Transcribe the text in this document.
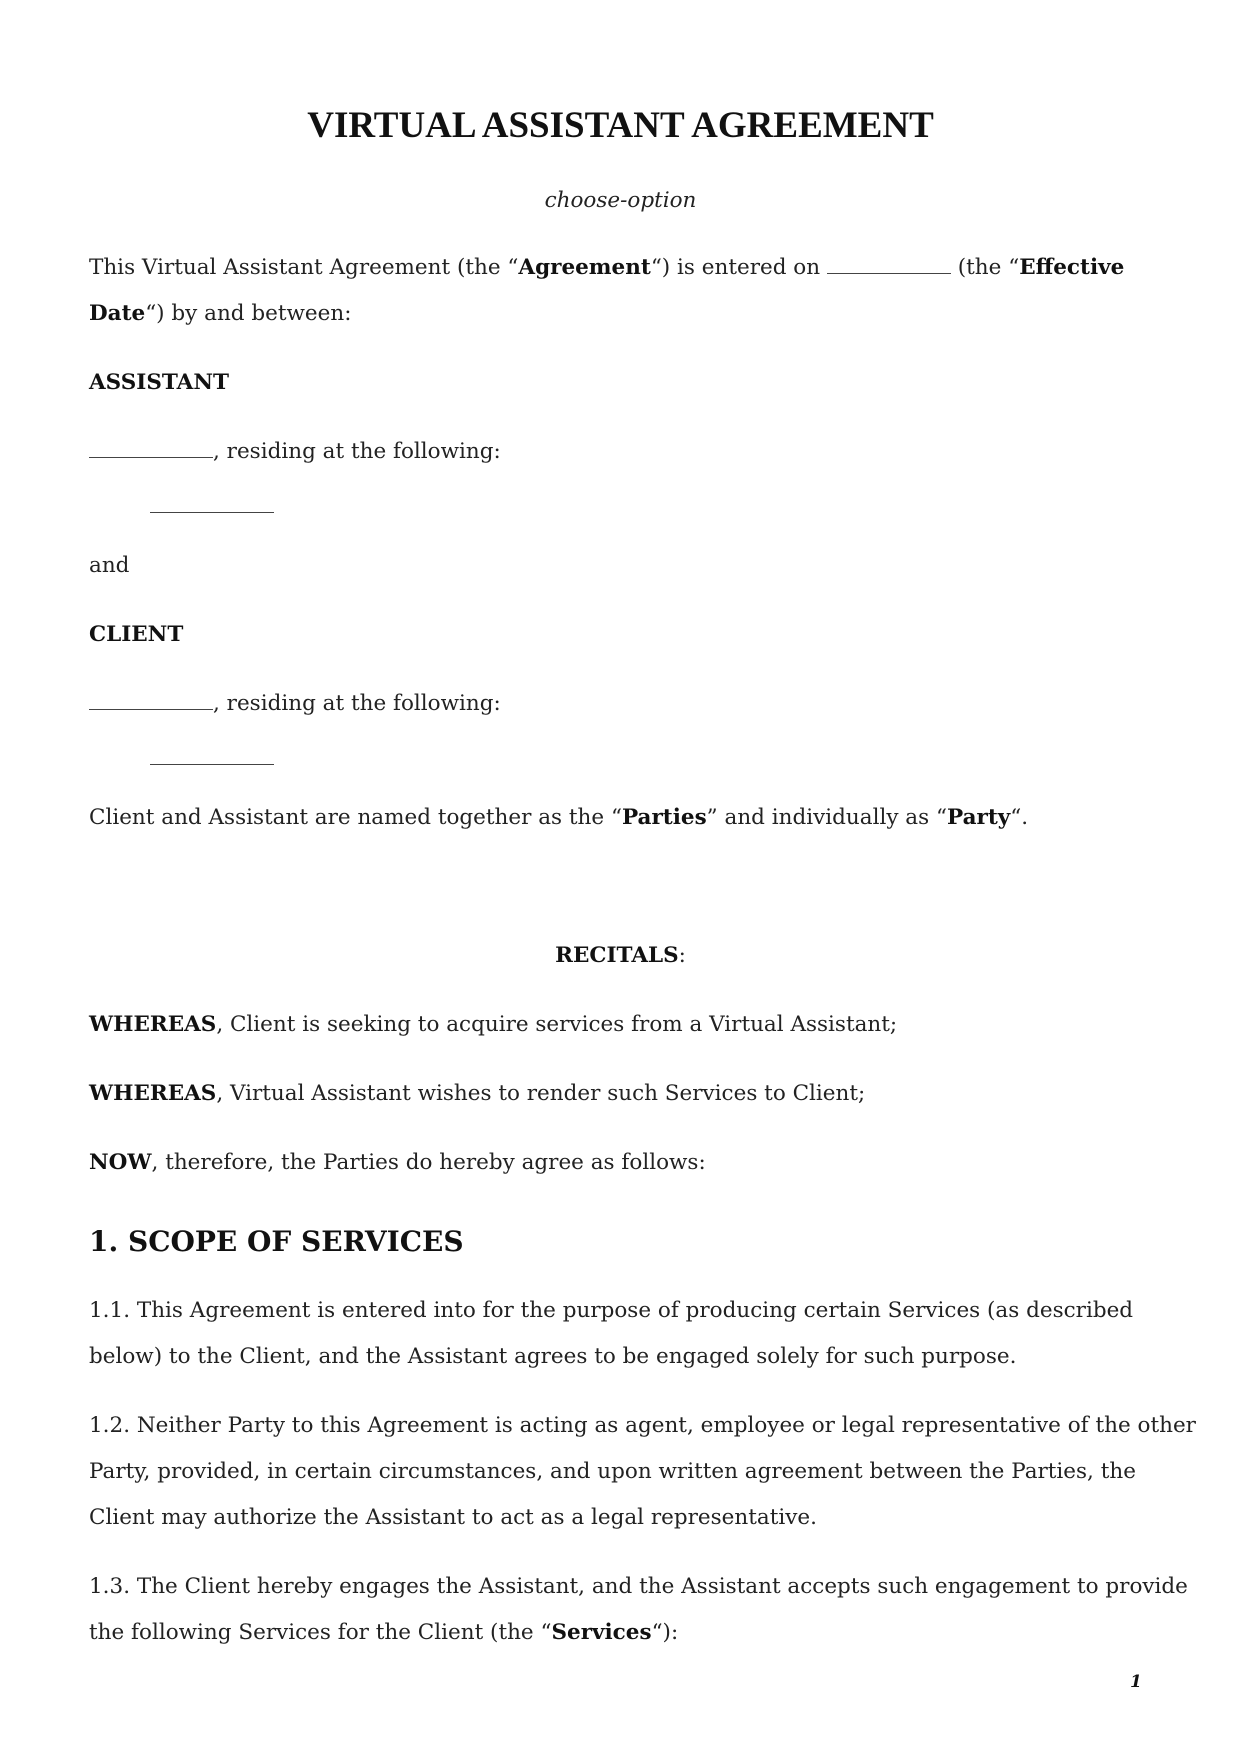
VIRTUAL ASSISTANT AGREEMENT
choose-option
This Virtual Assistant Agreement (the “Agreement“) is entered on	(the “Effective
Date“) by and between:
ASSISTANT
, residing at the following:
and
CLIENT
, residing at the following:
Client and Assistant are named together as the “Parties” and individually as “Party“.
RECITALS:
WHEREAS, Client is seeking to acquire services from a Virtual Assistant;
WHEREAS, Virtual Assistant wishes to render such Services to Client;
NOW, therefore, the Parties do hereby agree as follows:
1. SCOPE OF SERVICES
1.1. This Agreement is entered into for the purpose of producing certain Services (as described
below) to the Client, and the Assistant agrees to be engaged solely for such purpose.
1.2. Neither Party to this Agreement is acting as agent, employee or legal representative of the other
Party, provided, in certain circumstances, and upon written agreement between the Parties, the
Client may authorize the Assistant to act as a legal representative.
1.3. The Client hereby engages the Assistant, and the Assistant accepts such engagement to provide
the following Services for the Client (the “Services“):
1
